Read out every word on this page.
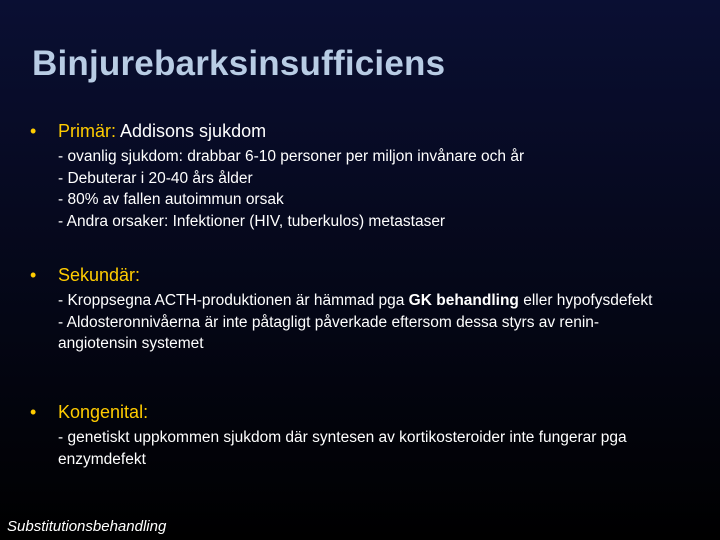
Binjurebarksinsufficiens
• Primär: Addisons sjukdom
- ovanlig sjukdom: drabbar 6-10 personer per miljon invånare och år
- Debuterar i 20-40 års ålder
- 80% av fallen autoimmun orsak
- Andra orsaker: Infektioner (HIV, tuberkulos) metastaser
• Sekundär:
- Kroppsegna ACTH-produktionen är hämmad pga GK behandling eller hypofysdefekt
- Aldosteronnivåerna är inte påtagligt påverkade eftersom dessa styrs av renin-angiotensin systemet
• Kongenital:
- genetiskt uppkommen sjukdom där syntesen av kortikosteroider inte fungerar pga enzymdefekt
Substitutionsbehandling
